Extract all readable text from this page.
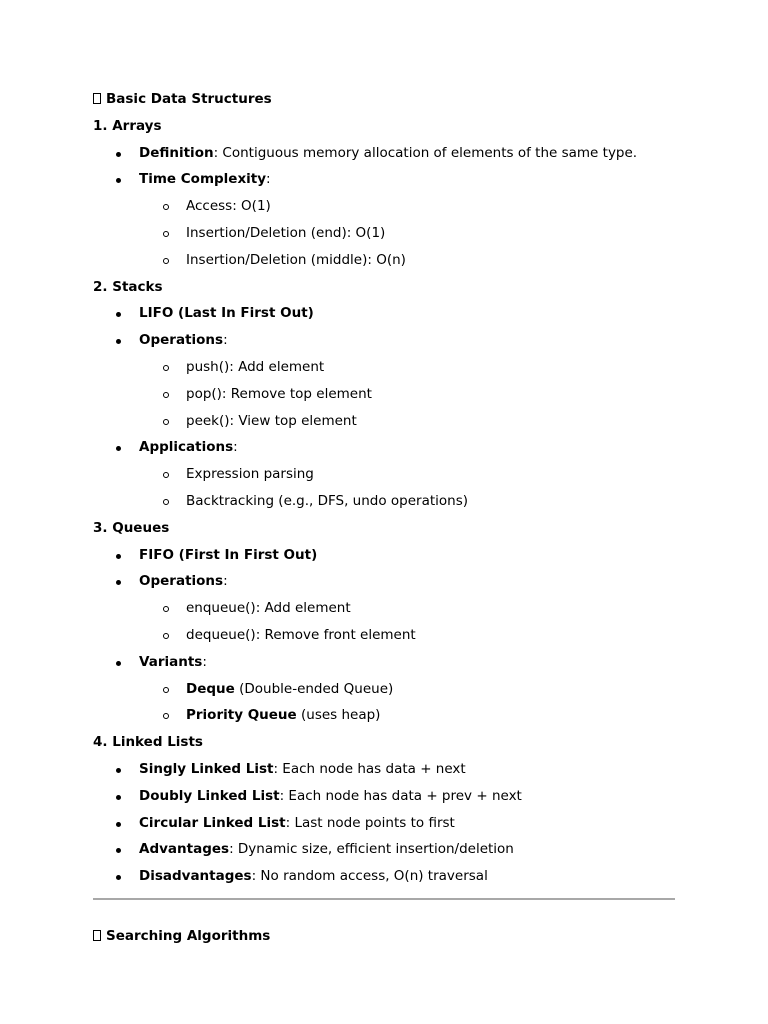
Basic Data Structures
1. Arrays
Definition: Contiguous memory allocation of elements of the same type.
Time Complexity:
Access: O(1)
Insertion/Deletion (end): O(1)
Insertion/Deletion (middle): O(n)
2. Stacks
LIFO (Last In First Out)
Operations:
push(): Add element
pop(): Remove top element
peek(): View top element
Applications:
Expression parsing
Backtracking (e.g., DFS, undo operations)
3. Queues
FIFO (First In First Out)
Operations:
enqueue(): Add element
dequeue(): Remove front element
Variants:
Deque (Double-ended Queue)
Priority Queue (uses heap)
4. Linked Lists
Singly Linked List: Each node has data + next
Doubly Linked List: Each node has data + prev + next
Circular Linked List: Last node points to first
Advantages: Dynamic size, efficient insertion/deletion
Disadvantages: No random access, O(n) traversal
Searching Algorithms
